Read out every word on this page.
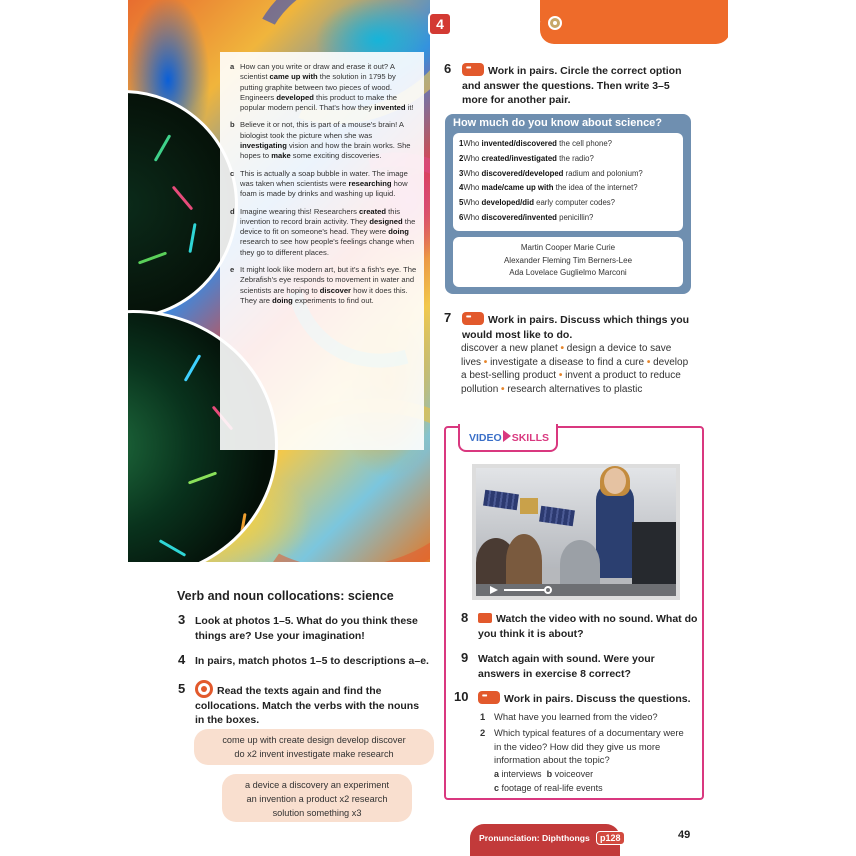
a How can you write or draw and erase it out? A scientist came up with the solution in 1795 by putting graphite between two pieces of wood. Engineers developed this product to make the popular modern pencil. That's how they invented it!
b Believe it or not, this is part of a mouse's brain! A biologist took the picture when she was investigating vision and how the brain works. She hopes to make some exciting discoveries.
c This is actually a soap bubble in water. The image was taken when scientists were researching how foam is made by drinks and washing up liquid.
d Imagine wearing this! Researchers created this invention to record brain activity. They designed the device to fit on someone's head. They were doing research to see how people's feelings change when they go to different places.
e It might look like modern art, but it's a fish's eye. The Zebrafish's eye responds to movement in water and scientists are hoping to discover how it does this. They are doing experiments to find out.
4	Vocabulary
6 •••	Work in pairs. Circle the correct option and answer the questions. Then write 3–5 more for another pair.
How much do you know about science?
1Who invented/discovered the cell phone?
2Who created/investigated the radio?
3Who discovered/developed radium and polonium?
4Who made/came up with the idea of the internet?
5Who developed/did early computer codes?
6Who discovered/invented penicillin?
Martin Cooper Marie Curie
Alexander Fleming Tim Berners-Lee
Ada Lovelace Guglielmo Marconi
7 •••	Work in pairs. Discuss which things you would most like to do.
discover a new planet • design a device to save lives • investigate a disease to find a cure • develop a best-selling product • invent a product to reduce pollution • research alternatives to plastic
VIDEO SKILLS
8	Watch the video with no sound. What do you think it is about?
9 Watch again with sound. Were your answers in exercise 8 correct?
10 •••	Work in pairs. Discuss the questions.
1 What have you learned from the video?
2 Which typical features of a documentary were in the video? How did they give us more information about the topic?
a interviews b voiceover
c footage of real-life events
Verb and noun collocations: science
3 Look at photos 1–5. What do you think these things are? Use your imagination!
4 In pairs, match photos 1–5 to descriptions a–e.
5	Read the texts again and find the collocations. Match the verbs with the nouns in the boxes.
come up with create design develop discover
do x2 invent investigate make research
a device a discovery an experiment
an invention a product x2 research
solution something x3
Pronunciation: Diphthongs	p128	49
